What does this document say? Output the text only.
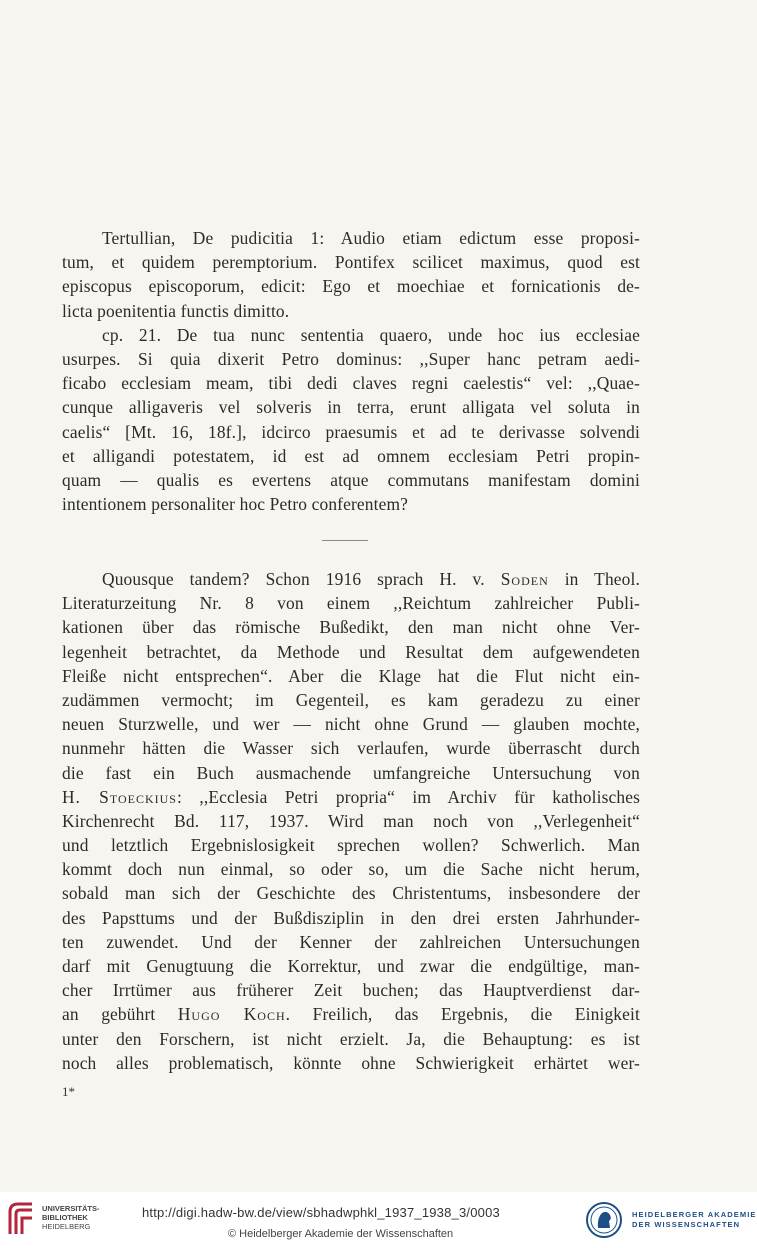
Tertullian, De pudicitia 1: Audio etiam edictum esse proposi-
tum, et quidem peremptorium. Pontifex scilicet maximus, quod est
episcopus episcoporum, edicit: Ego et moechiae et fornicationis de-
licta poenitentia functis dimitto.
cp. 21. De tua nunc sententia quaero, unde hoc ius ecclesiae
usurpes. Si quia dixerit Petro dominus: ,,Super hanc petram aedi-
ficabo ecclesiam meam, tibi dedi claves regni caelestis“ vel: ,,Quae-
cunque alligaveris vel solveris in terra, erunt alligata vel soluta in
caelis“ [Mt. 16, 18f.], idcirco praesumis et ad te derivasse solvendi
et alligandi potestatem, id est ad omnem ecclesiam Petri propin-
quam — qualis es evertens atque commutans manifestam domini
intentionem personaliter hoc Petro conferentem?
Quousque tandem? Schon 1916 sprach H. v. Soden in Theol.
Literaturzeitung Nr. 8 von einem ,,Reichtum zahlreicher Publi-
kationen über das römische Bußedikt, den man nicht ohne Ver-
legenheit betrachtet, da Methode und Resultat dem aufgewendeten
Fleiße nicht entsprechen“. Aber die Klage hat die Flut nicht ein-
zudämmen vermocht; im Gegenteil, es kam geradezu zu einer
neuen Sturzwelle, und wer — nicht ohne Grund — glauben mochte,
nunmehr hätten die Wasser sich verlaufen, wurde überrascht durch
die fast ein Buch ausmachende umfangreiche Untersuchung von
H. Stoeckius: ,,Ecclesia Petri propria“ im Archiv für katholisches
Kirchenrecht Bd. 117, 1937. Wird man noch von ,,Verlegenheit“
und letztlich Ergebnislosigkeit sprechen wollen? Schwerlich. Man
kommt doch nun einmal, so oder so, um die Sache nicht herum,
sobald man sich der Geschichte des Christentums, insbesondere der
des Papsttums und der Bußdisziplin in den drei ersten Jahrhunder-
ten zuwendet. Und der Kenner der zahlreichen Untersuchungen
darf mit Genugtuung die Korrektur, und zwar die endgültige, man-
cher Irrtümer aus früherer Zeit buchen; das Hauptverdienst dar-
an gebührt Hugo Koch. Freilich, das Ergebnis, die Einigkeit
unter den Forschern, ist nicht erzielt. Ja, die Behauptung: es ist
noch alles problematisch, könnte ohne Schwierigkeit erhärtet wer-
1*
UNIVERSITÄTS-
BIBLIOTHEK
HEIDELBERG
http://digi.hadw-bw.de/view/sbhadwphkl_1937_1938_3/0003
© Heidelberger Akademie der Wissenschaften
HEIDELBERGER AKADEMIE
DER WISSENSCHAFTEN
